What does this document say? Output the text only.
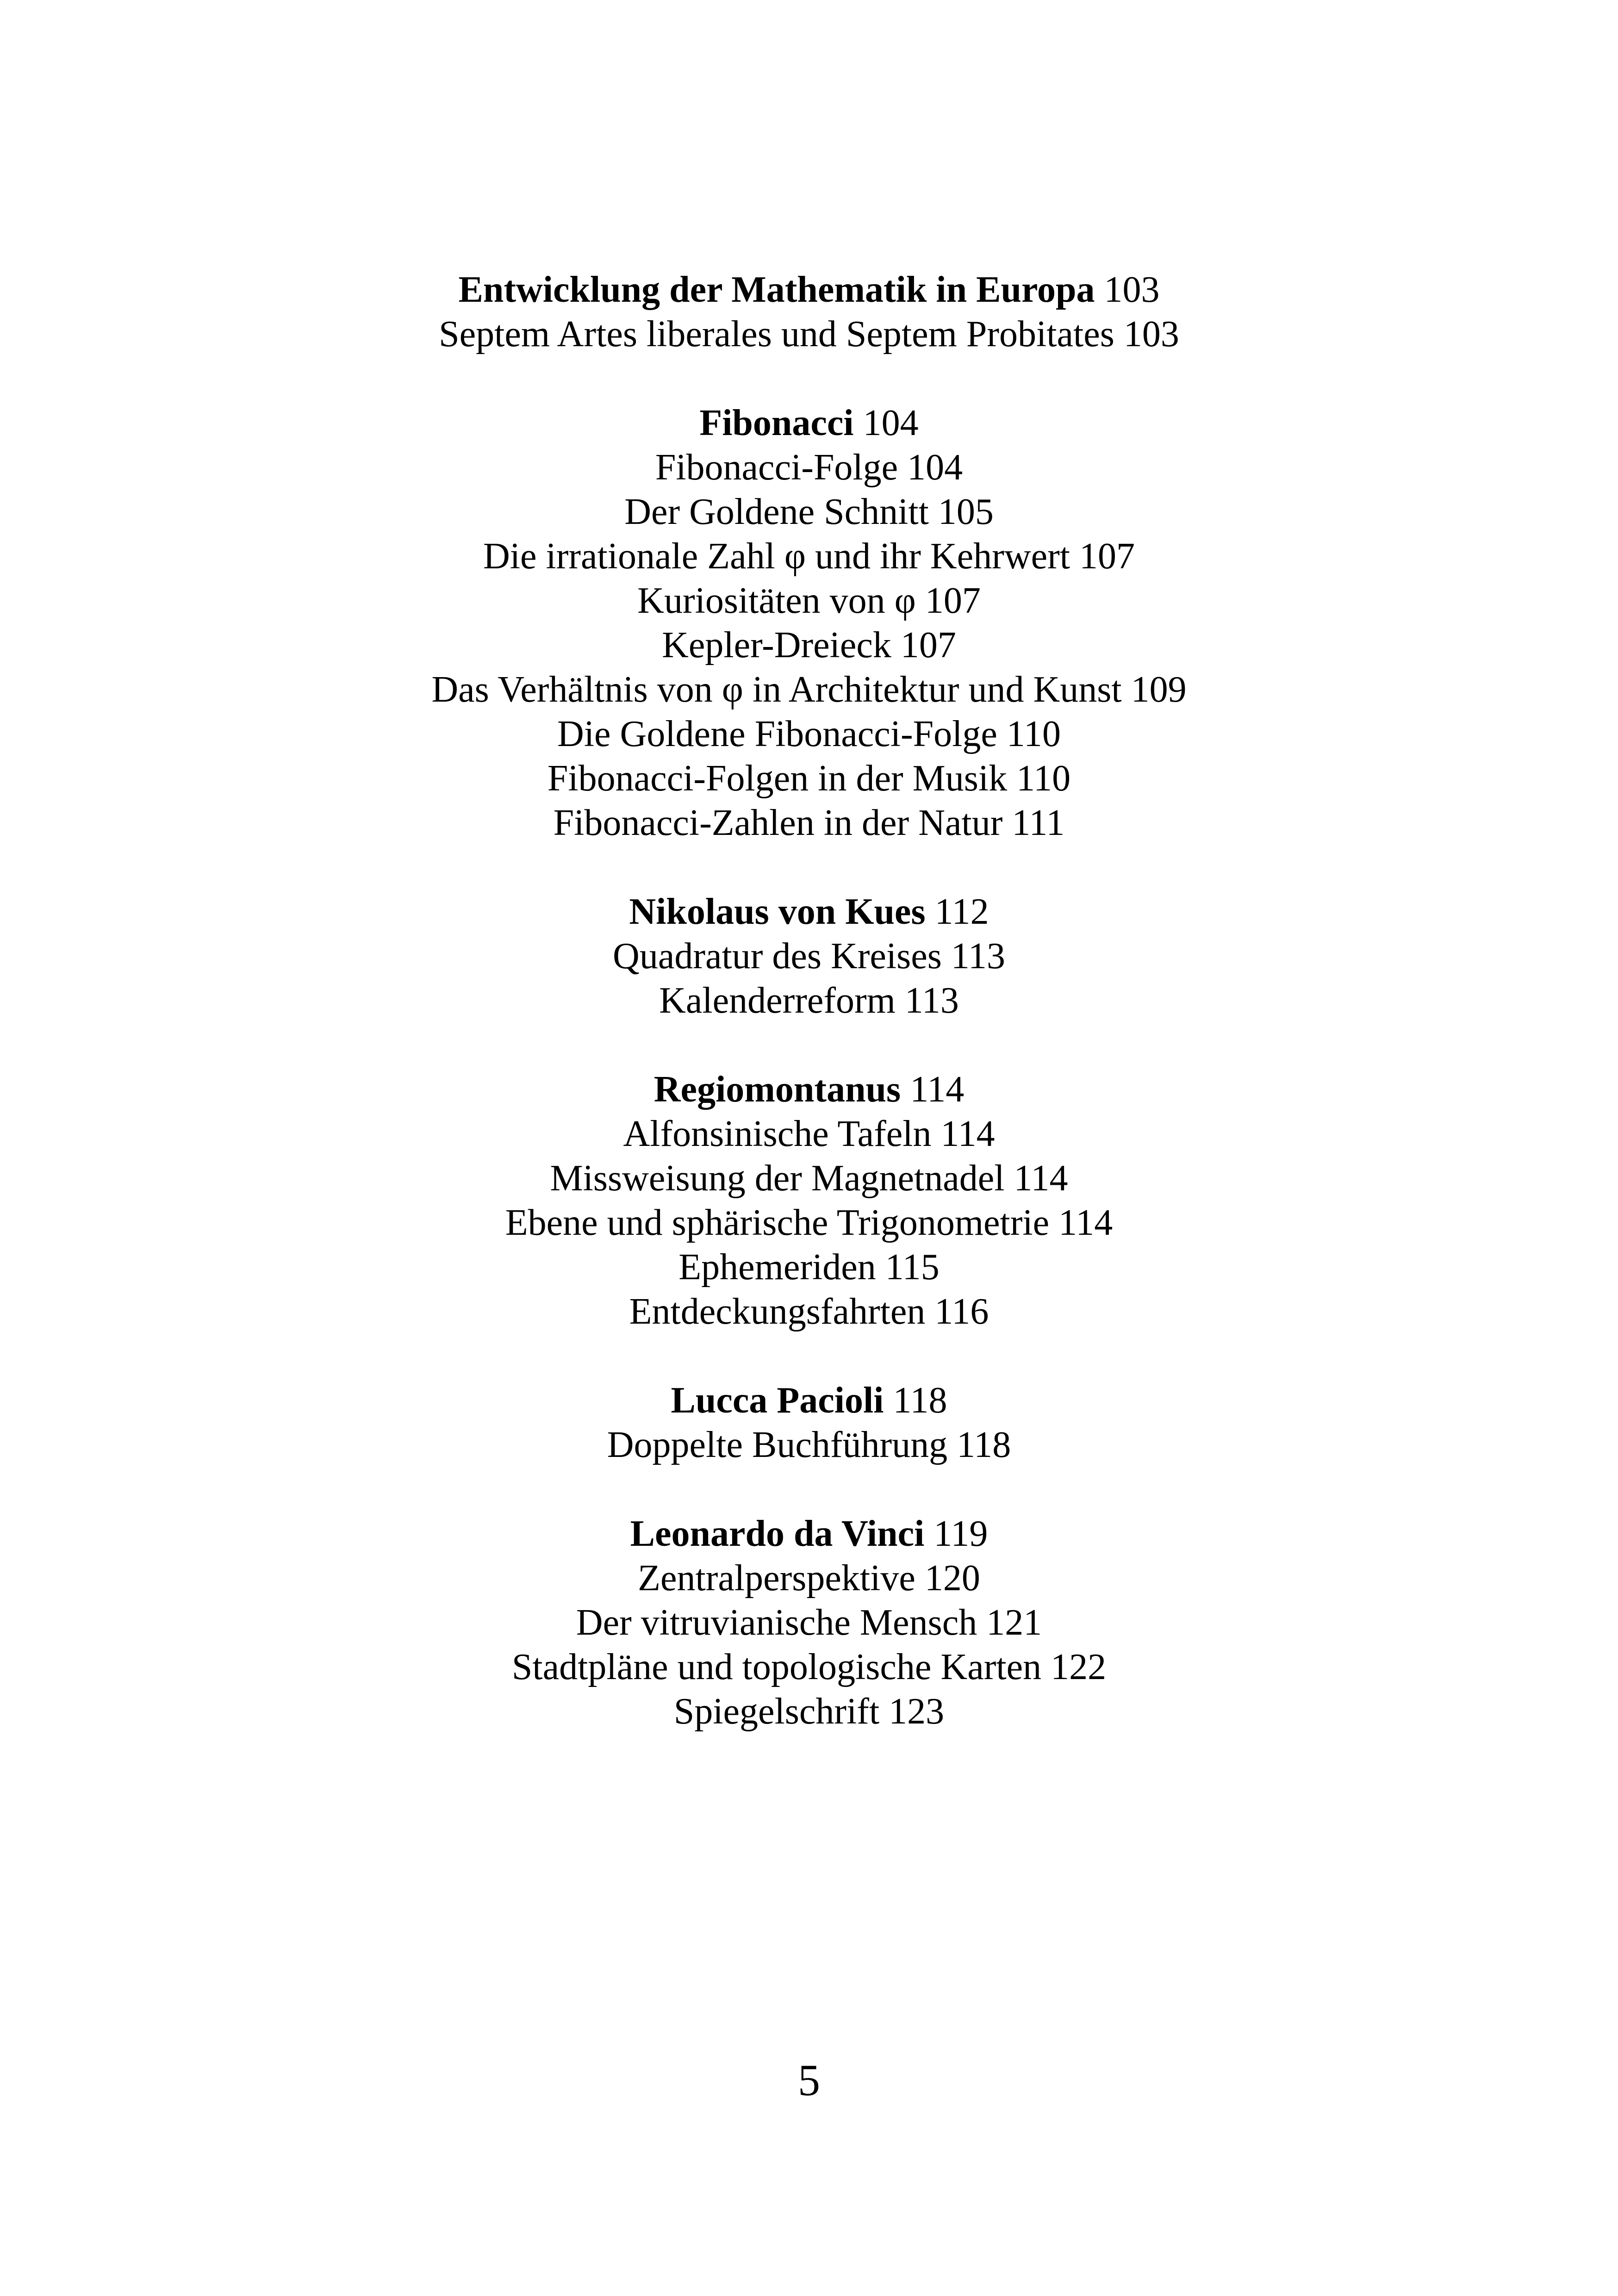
Entwicklung der Mathematik in Europa 103

Septem Artes liberales und Septem Probitates 103

Fibonacci 104

Fibonacci-Folge 104

Der Goldene Schnitt 105

Die irrationale Zahl φ und ihr Kehrwert 107

Kuriositäten von φ 107

Kepler-Dreieck 107

Das Verhältnis von φ in Architektur und Kunst 109

Die Goldene Fibonacci-Folge 110

Fibonacci-Folgen in der Musik 110

Fibonacci-Zahlen in der Natur 111

Nikolaus von Kues 112

Quadratur des Kreises 113

Kalenderreform 113

Regiomontanus 114

Alfonsinische Tafeln 114

Missweisung der Magnetnadel 114

Ebene und sphärische Trigonometrie 114

Ephemeriden 115

Entdeckungsfahrten 116

Lucca Pacioli 118

Doppelte Buchführung 118

Leonardo da Vinci 119

Zentralperspektive 120

Der vitruvianische Mensch 121

Stadtpläne und topologische Karten 122

Spiegelschrift 123

5
